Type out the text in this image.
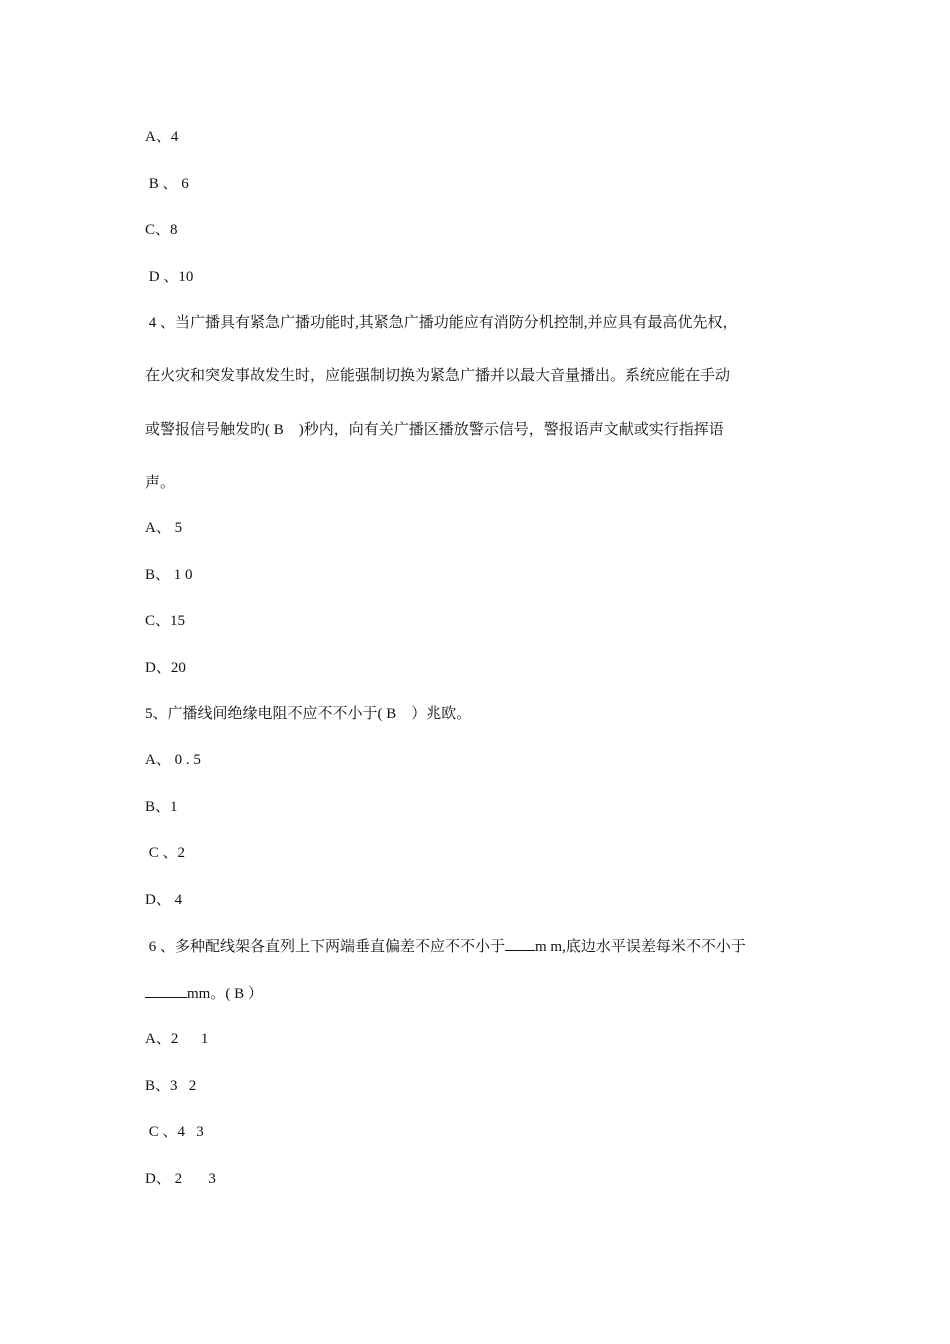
A、4
B 、 6
C、8
D 、10
4 、当广播具有紧急广播功能时,其紧急广播功能应有消防分机控制,并应具有最高优先权，
在火灾和突发事故发生时，应能强制切换为紧急广播并以最大音量播出。系统应能在手动
或警报信号触发旳( B    )秒内，向有关广播区播放警示信号，警报语声文献或实行指挥语
声。
A、 5
B、 1 0
C、15
D、20
5、广播线间绝缘电阻不应不不小于( B    ）兆欧。
A、 0 . 5
B、1
C 、2
D、 4
6 、多种配线架各直列上下两端垂直偏差不应不不小于 m m,底边水平误差每米不不小于
mm。( B ）
A、2      1
B、3   2
C 、4   3
D、 2       3
